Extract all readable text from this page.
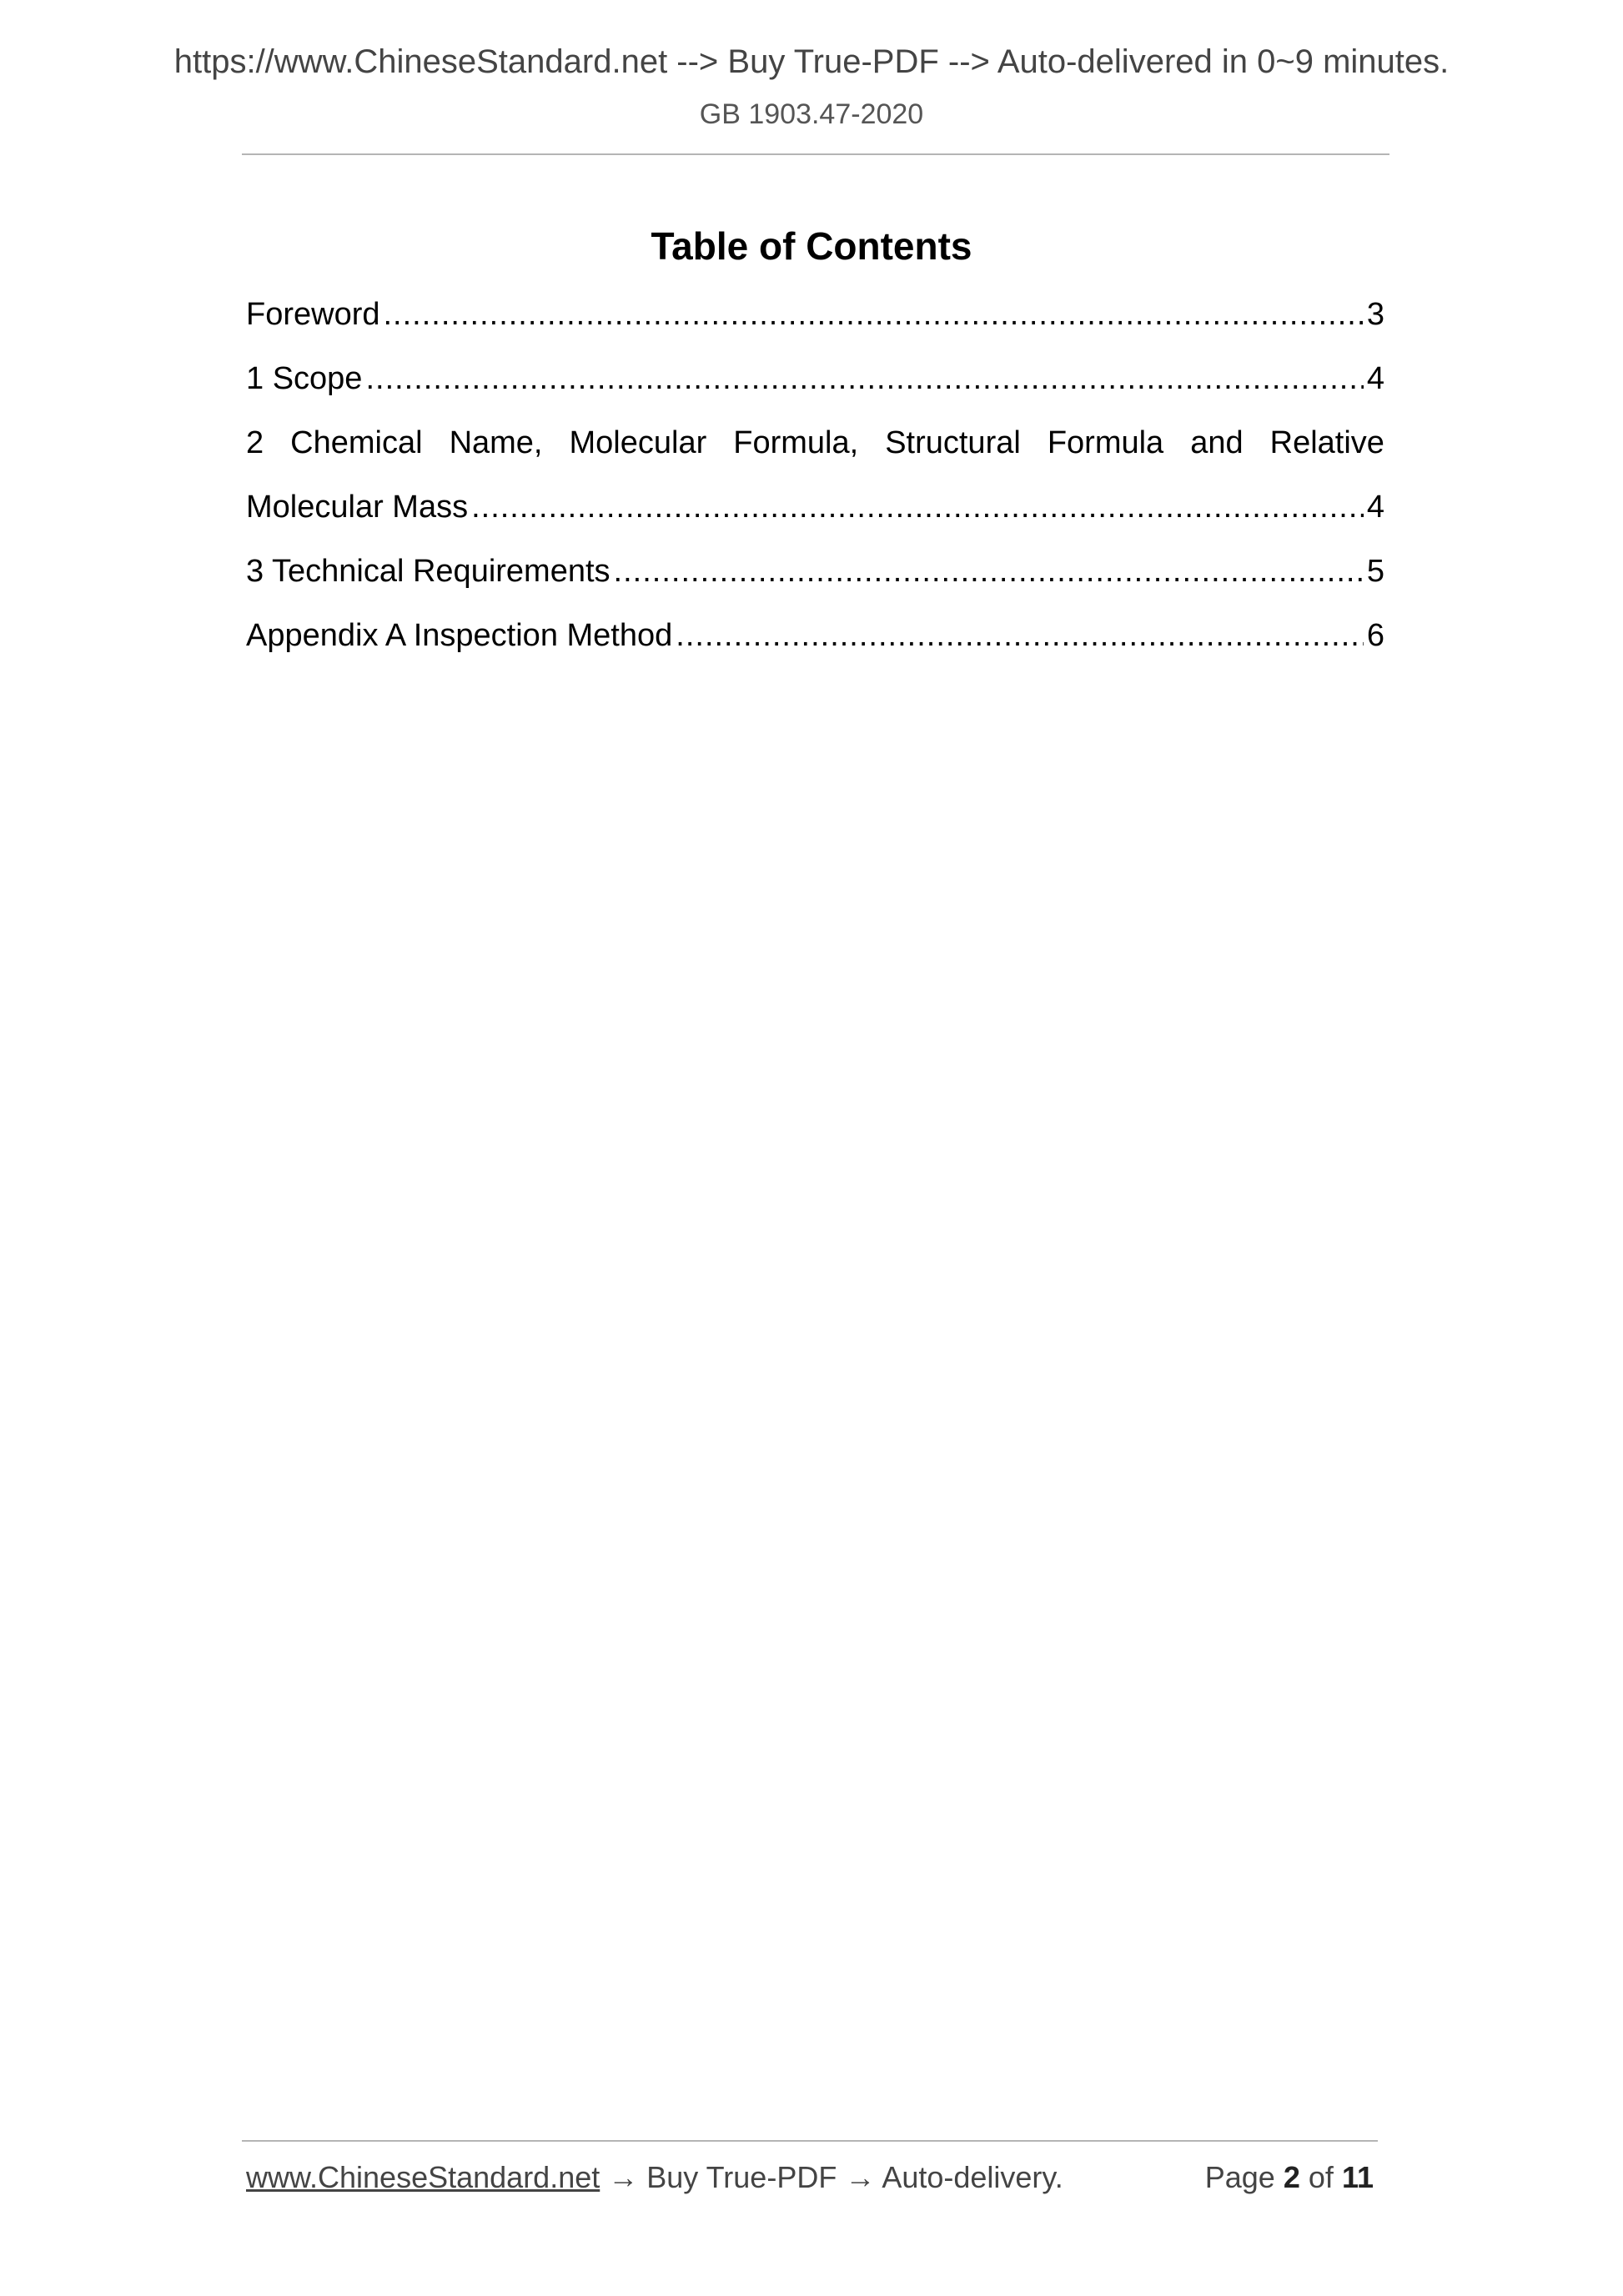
https://www.ChineseStandard.net --> Buy True-PDF --> Auto-delivered in 0~9 minutes.
GB 1903.47-2020
Table of Contents
Foreword .....	3
1 Scope .....	4
2 Chemical Name, Molecular Formula, Structural Formula and Relative
Molecular Mass .....	4
3 Technical Requirements .....	5
Appendix A Inspection Method .....	6
www.ChineseStandard.net → Buy True-PDF → Auto-delivery.	Page 2 of 11
